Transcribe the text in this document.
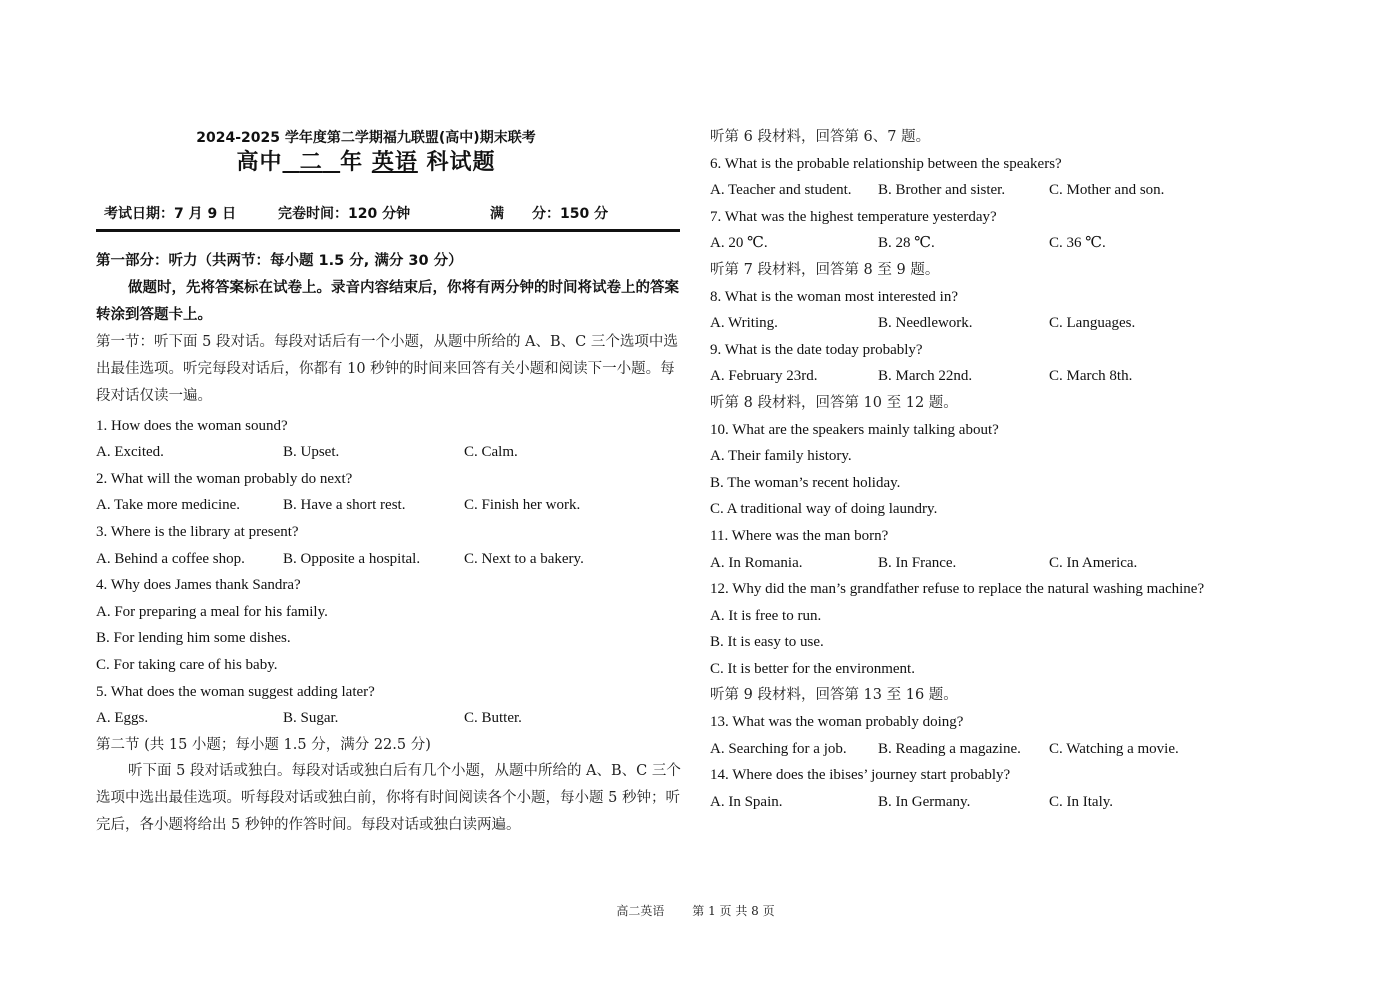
2024-2025 学年度第二学期福九联盟(高中)期末联考
高中 二 年 英语 科试题
考试日期：7 月 9 日	完卷时间：120 分钟	满　　分：150 分
第一部分：听力（共两节：每小题 1.5 分, 满分 30 分）
做题时，先将答案标在试卷上。录音内容结束后，你将有两分钟的时间将试卷上的答案转涂到答题卡上。
第一节：听下面 5 段对话。每段对话后有一个小题，从题中所给的 A、B、C 三个选项中选出最佳选项。听完每段对话后，你都有 10 秒钟的时间来回答有关小题和阅读下一小题。每段对话仅读一遍。
1. How does the woman sound?
A. Excited.	B. Upset.	C. Calm.
2. What will the woman probably do next?
A. Take more medicine.	B. Have a short rest.	C. Finish her work.
3. Where is the library at present?
A. Behind a coffee shop.	B. Opposite a hospital.	C. Next to a bakery.
4. Why does James thank Sandra?
A. For preparing a meal for his family.
B. For lending him some dishes.
C. For taking care of his baby.
5. What does the woman suggest adding later?
A. Eggs.	B. Sugar.	C. Butter.
第二节 (共 15 小题；每小题 1.5 分，满分 22.5 分)
听下面 5 段对话或独白。每段对话或独白后有几个小题，从题中所给的 A、B、C 三个选项中选出最佳选项。听每段对话或独白前，你将有时间阅读各个小题，每小题 5 秒钟；听完后，各小题将给出 5 秒钟的作答时间。每段对话或独白读两遍。
听第 6 段材料，回答第 6、7 题。
6. What is the probable relationship between the speakers?
A. Teacher and student.	B. Brother and sister.	C. Mother and son.
7. What was the highest temperature yesterday?
A. 20 ℃.	B. 28 ℃.	C. 36 ℃.
听第 7 段材料，回答第 8 至 9 题。
8. What is the woman most interested in?
A. Writing.	B. Needlework.	C. Languages.
9. What is the date today probably?
A. February 23rd.	B. March 22nd.	C. March 8th.
听第 8 段材料，回答第 10 至 12 题。
10. What are the speakers mainly talking about?
A. Their family history.
B. The woman’s recent holiday.
C. A traditional way of doing laundry.
11. Where was the man born?
A. In Romania.	B. In France.	C. In America.
12. Why did the man’s grandfather refuse to replace the natural washing machine?
A. It is free to run.
B. It is easy to use.
C. It is better for the environment.
听第 9 段材料，回答第 13 至 16 题。
13. What was the woman probably doing?
A. Searching for a job.	B. Reading a magazine.	C. Watching a movie.
14. Where does the ibises’ journey start probably?
A. In Spain.	B. In Germany.	C. In Italy.
高二英语 第 1 页 共 8 页
